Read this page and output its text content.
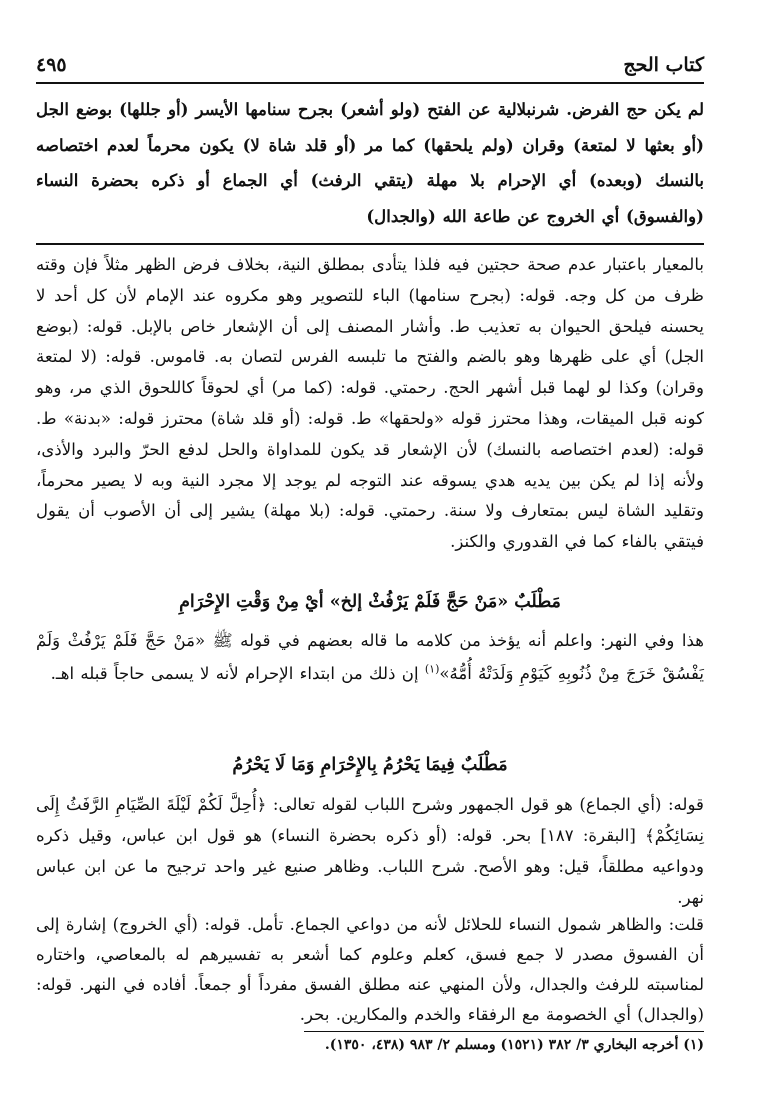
كتاب الحج
٤٩٥

لم يكن حج الفرض. شرنبلالية عن الفتح (ولو أشعر) بجرح سنامها الأيسر (أو جللها) بوضع الجل (أو بعثها لا لمتعة) وقران (ولم يلحقها) كما مر (أو قلد شاة لا) يكون محرماً لعدم اختصاصه بالنسك (وبعده) أي الإحرام بلا مهلة (يتقي الرفث) أي الجماع أو ذكره بحضرة النساء (والفسوق) أي الخروج عن طاعة الله (والجدال)

بالمعيار باعتبار عدم صحة حجتين فيه فلذا يتأدى بمطلق النية، بخلاف فرض الظهر مثلاً فإن وقته ظرف من كل وجه. قوله: (بجرح سنامها) الباء للتصوير وهو مكروه عند الإمام لأن كل أحد لا يحسنه فيلحق الحيوان به تعذيب ط. وأشار المصنف إلى أن الإشعار خاص بالإبل. قوله: (بوضع الجل) أي على ظهرها وهو بالضم والفتح ما تلبسه الفرس لتصان به. قاموس. قوله: (لا لمتعة وقران) وكذا لو لهما قبل أشهر الحج. رحمتي. قوله: (كما مر) أي لحوقاً كاللحوق الذي مر، وهو كونه قبل الميقات، وهذا محترز قوله «ولحقها» ط. قوله: (أو قلد شاة) محترز قوله: «بدنة» ط. قوله: (لعدم اختصاصه بالنسك) لأن الإشعار قد يكون للمداواة والحل لدفع الحرّ والبرد والأذى، ولأنه إذا لم يكن بين يديه هدي يسوقه عند التوجه لم يوجد إلا مجرد النية وبه لا يصير محرماً، وتقليد الشاة ليس بمتعارف ولا سنة. رحمتي. قوله: (بلا مهلة) يشير إلى أن الأصوب أن يقول فيتقي بالفاء كما في القدوري والكنز.

مَطْلَبٌ «مَنْ حَجَّ فَلَمْ يَرْفُثْ إلخ» أيْ مِنْ وَقْتِ الإِحْرَامِ

هذا وفي النهر: واعلم أنه يؤخذ من كلامه ما قاله بعضهم في قوله ﷺ «مَنْ حَجَّ فَلَمْ يَرْفُثْ وَلَمْ يَفْسُقْ خَرَجَ مِنْ ذُنُوبِهِ كَيَوْمِ وَلَدَتْهُ أُمُّهُ»$^{(١)}$ إن ذلك من ابتداء الإحرام لأنه لا يسمى حاجاً قبله اهـ.

مَطْلَبٌ فِيمَا يَحْرُمُ بِالإِحْرَامِ وَمَا لَا يَحْرُمُ

قوله: (أي الجماع) هو قول الجمهور وشرح اللباب لقوله تعالى: ﴿أُحِلَّ لَكُمْ لَيْلَةَ الصِّيَامِ الرَّفَثُ إِلَى نِسَائِكُمْ﴾ [البقرة: ١٨٧] بحر. قوله: (أو ذكره بحضرة النساء) هو قول ابن عباس، وقيل ذكره ودواعيه مطلقاً، قيل: وهو الأصح. شرح اللباب. وظاهر صنيع غير واحد ترجيح ما عن ابن عباس نهر.

قلت: والظاهر شمول النساء للحلائل لأنه من دواعي الجماع. تأمل. قوله: (أي الخروج) إشارة إلى أن الفسوق مصدر لا جمع فسق، كعلم وعلوم كما أشعر به تفسيرهم له بالمعاصي، واختاره لمناسبته للرفث والجدال، ولأن المنهي عنه مطلق الفسق مفرداً أو جمعاً. أفاده في النهر. قوله: (والجدال) أي الخصومة مع الرفقاء والخدم والمكارين. بحر.

(١) أخرجه البخاري ٣/ ٣٨٢ (١٥٢١) ومسلم ٢/ ٩٨٣ (٤٣٨، ١٣٥٠).
